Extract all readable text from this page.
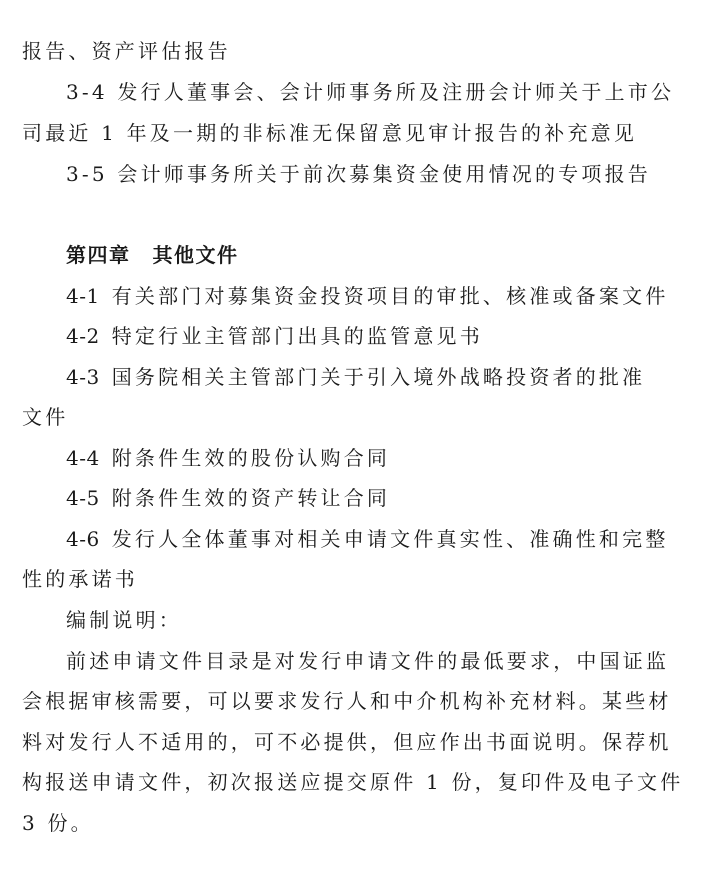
报告、资产评估报告
3-4 发行人董事会、会计师事务所及注册会计师关于上市公
司最近 1 年及一期的非标准无保留意见审计报告的补充意见
3-5 会计师事务所关于前次募集资金使用情况的专项报告
第四章 其他文件
4-1 有关部门对募集资金投资项目的审批、核准或备案文件
4-2 特定行业主管部门出具的监管意见书
4-3 国务院相关主管部门关于引入境外战略投资者的批准
文件
4-4 附条件生效的股份认购合同
4-5 附条件生效的资产转让合同
4-6 发行人全体董事对相关申请文件真实性、准确性和完整
性的承诺书
编制说明：
前述申请文件目录是对发行申请文件的最低要求，中国证监
会根据审核需要，可以要求发行人和中介机构补充材料。某些材
料对发行人不适用的，可不必提供，但应作出书面说明。保荐机
构报送申请文件，初次报送应提交原件 1 份，复印件及电子文件
3 份。
